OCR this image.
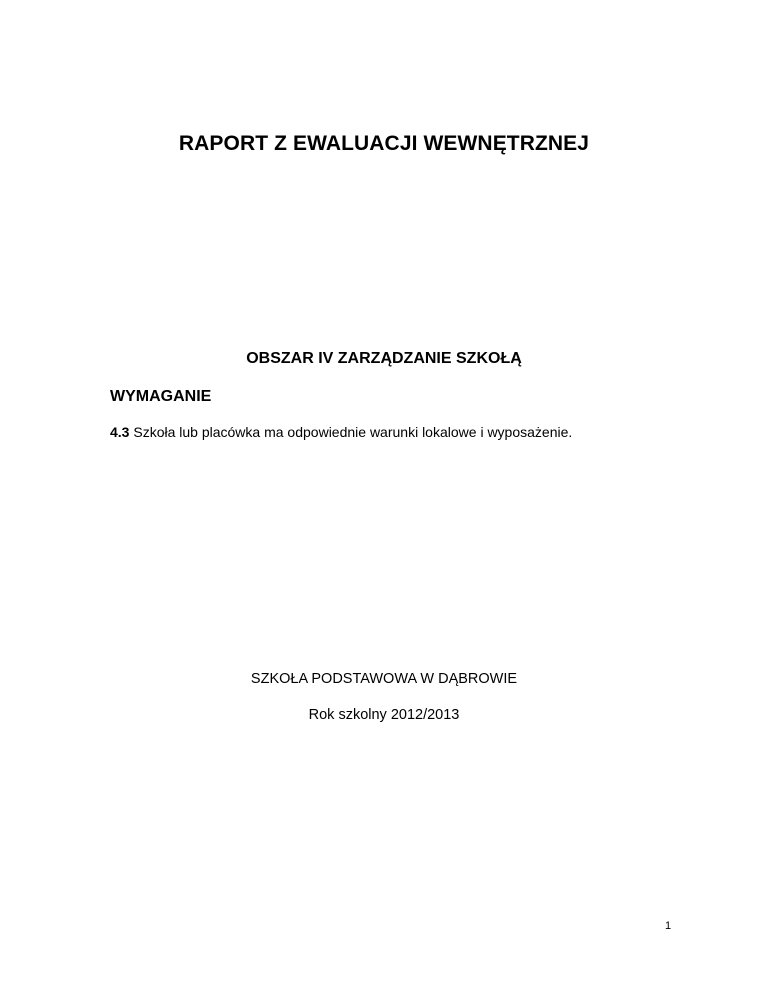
RAPORT Z EWALUACJI WEWNĘTRZNEJ
OBSZAR IV ZARZĄDZANIE SZKOŁĄ
WYMAGANIE
4.3 Szkoła lub placówka ma odpowiednie warunki lokalowe i wyposażenie.
SZKOŁA PODSTAWOWA W DĄBROWIE
Rok szkolny 2012/2013
1
